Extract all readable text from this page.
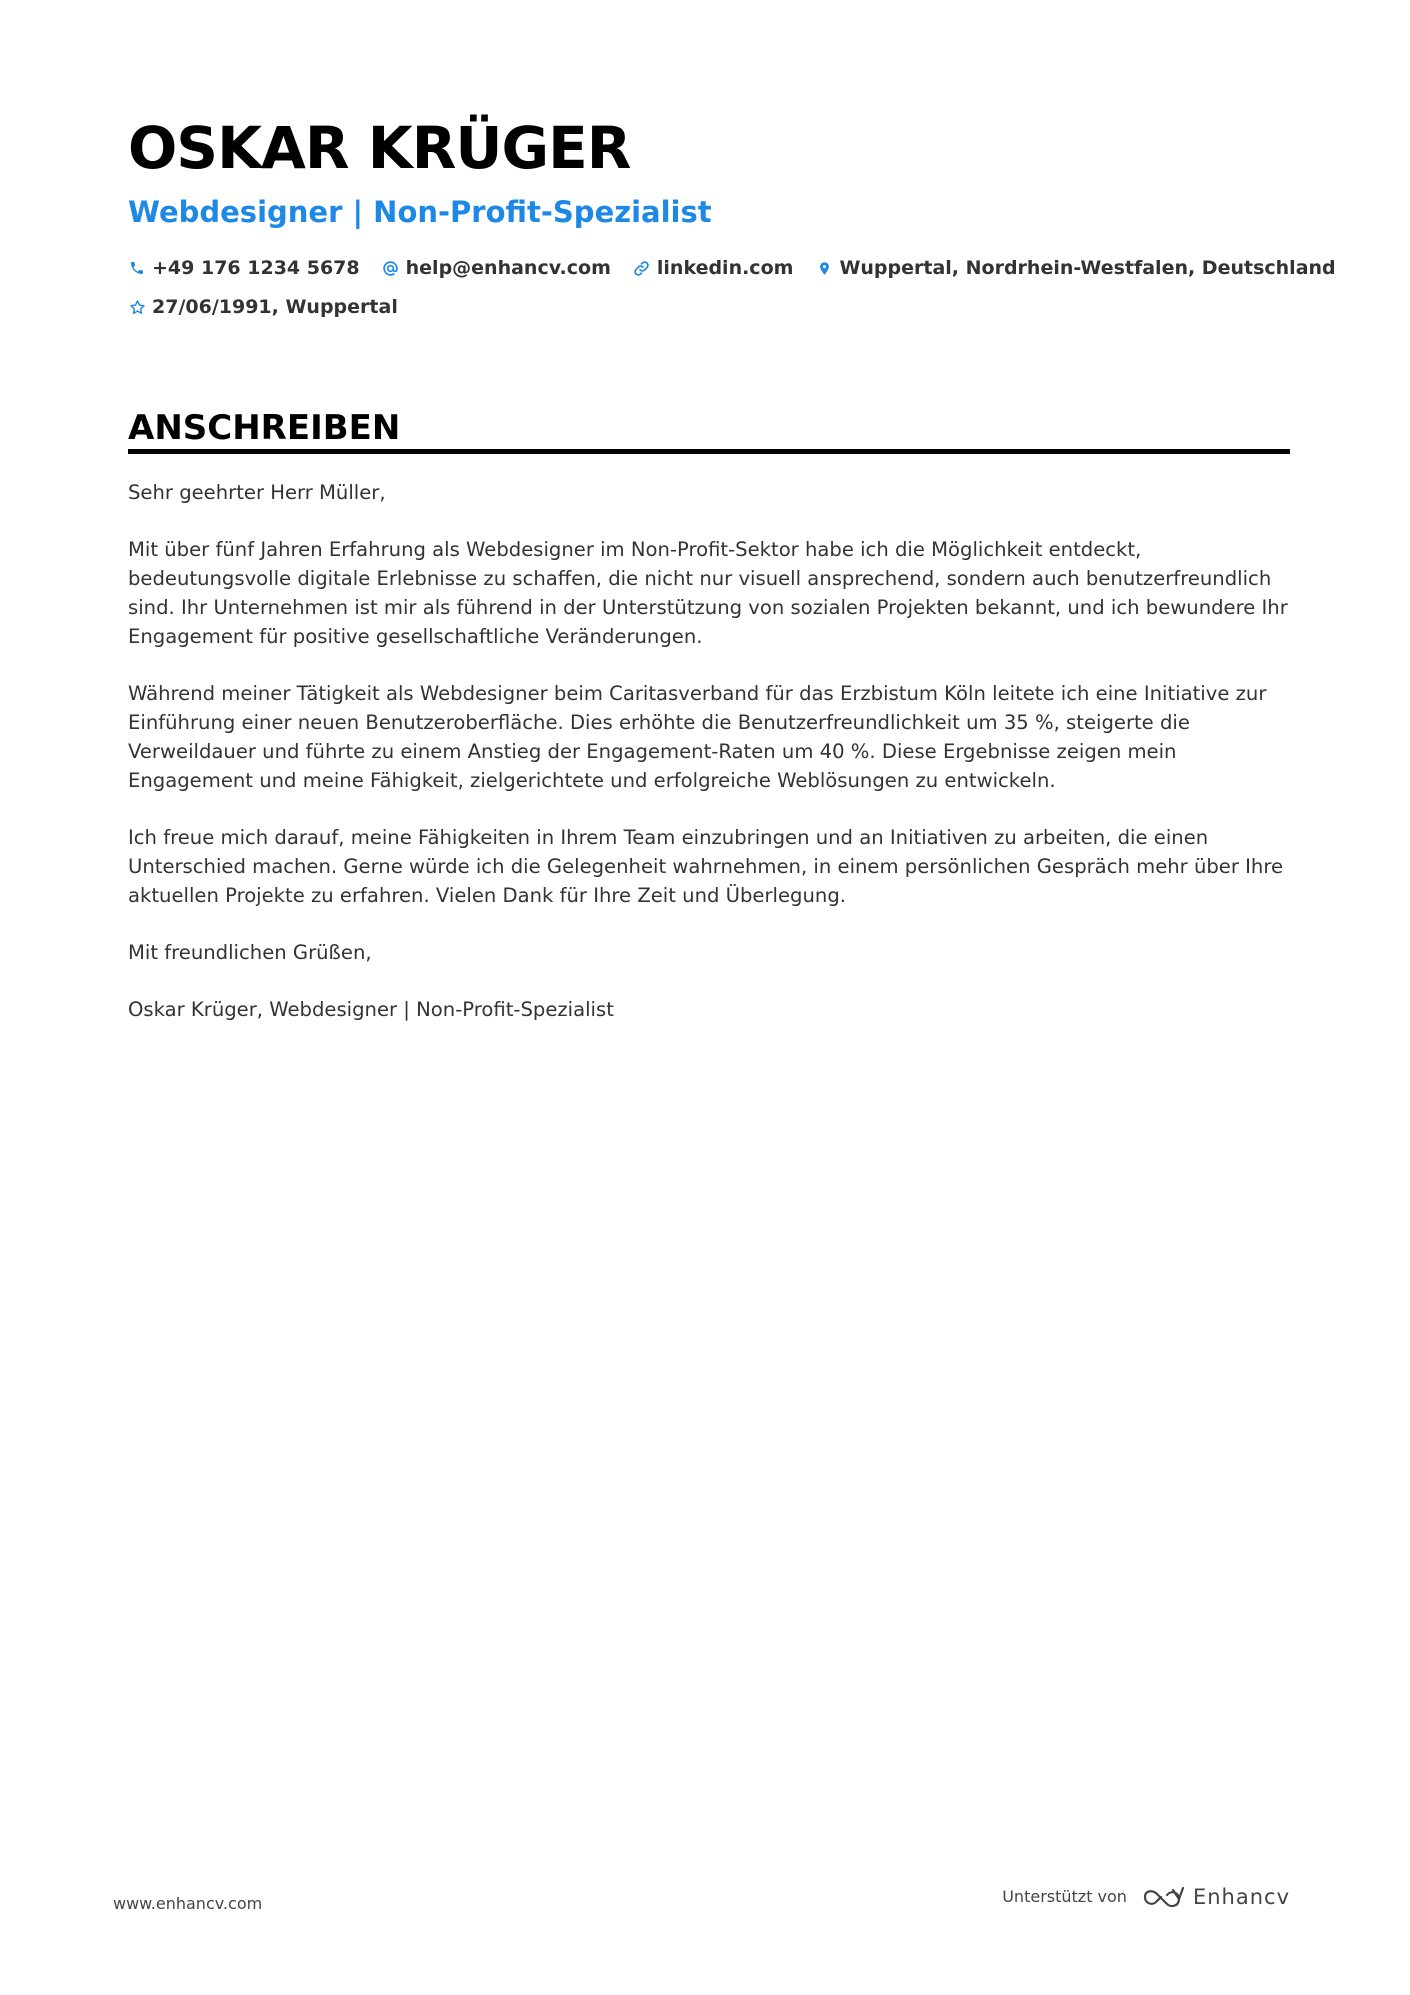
OSKAR KRÜGER
Webdesigner | Non-Profit-Spezialist
+49 176 1234 5678 help@enhancv.com linkedin.com Wuppertal, Nordrhein-Westfalen, Deutschland
27/06/1991, Wuppertal
ANSCHREIBEN

Sehr geehrter Herr Müller,

Mit über fünf Jahren Erfahrung als Webdesigner im Non-Profit-Sektor habe ich die Möglichkeit entdeckt, bedeutungsvolle digitale Erlebnisse zu schaffen, die nicht nur visuell ansprechend, sondern auch benutzerfreundlich sind. Ihr Unternehmen ist mir als führend in der Unterstützung von sozialen Projekten bekannt, und ich bewundere Ihr Engagement für positive gesellschaftliche Veränderungen.

Während meiner Tätigkeit als Webdesigner beim Caritasverband für das Erzbistum Köln leitete ich eine Initiative zur Einführung einer neuen Benutzeroberfläche. Dies erhöhte die Benutzerfreundlichkeit um 35 %, steigerte die Verweildauer und führte zu einem Anstieg der Engagement-Raten um 40 %. Diese Ergebnisse zeigen mein Engagement und meine Fähigkeit, zielgerichtete und erfolgreiche Weblösungen zu entwickeln.

Ich freue mich darauf, meine Fähigkeiten in Ihrem Team einzubringen und an Initiativen zu arbeiten, die einen Unterschied machen. Gerne würde ich die Gelegenheit wahrnehmen, in einem persönlichen Gespräch mehr über Ihre aktuellen Projekte zu erfahren. Vielen Dank für Ihre Zeit und Überlegung.

Mit freundlichen Grüßen,

Oskar Krüger, Webdesigner | Non-Profit-Spezialist

www.enhancv.com	Unterstützt von	Enhancv
